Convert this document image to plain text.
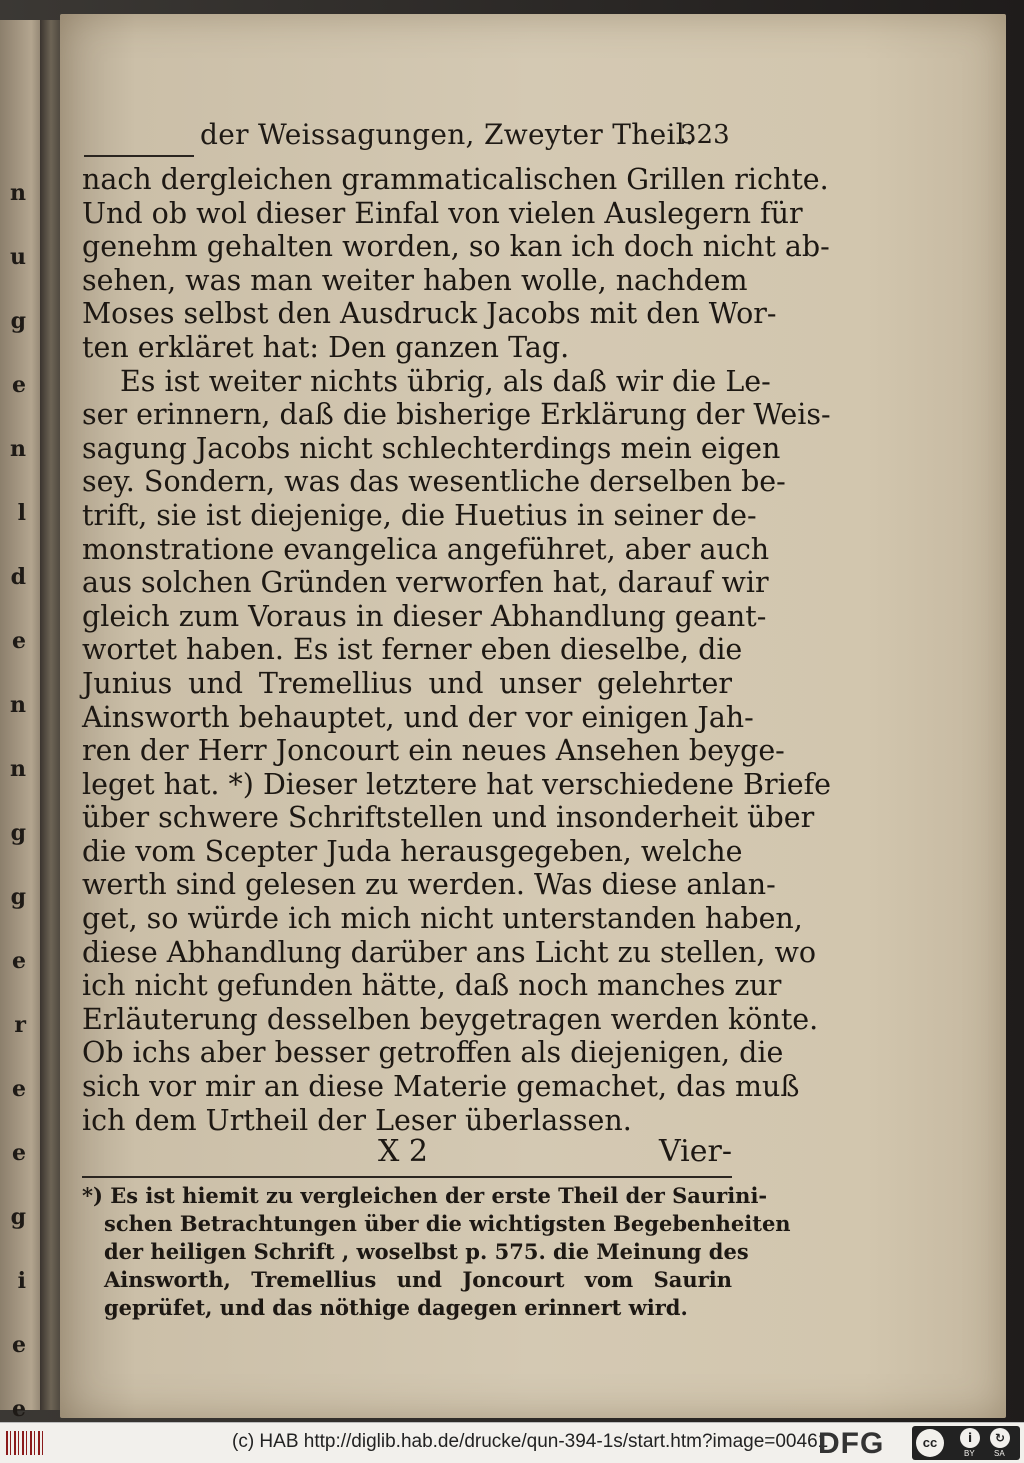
n
u
g
e
n
l
d
e
n
n
g
g
e
r
e
e
g
i
e
e
der Weissagungen, Zweyter Theil.
323
nach dergleichen grammaticalischen Grillen richte.
Und ob wol dieser Einfal von vielen Auslegern für
genehm gehalten worden, so kan ich doch nicht ab-
sehen, was man weiter haben wolle, nachdem
Moses selbst den Ausdruck Jacobs mit den Wor-
ten erkläret hat: Den ganzen Tag.
Es ist weiter nichts übrig, als daß wir die Le-
ser erinnern, daß die bisherige Erklärung der Weis-
sagung Jacobs nicht schlechterdings mein eigen
sey. Sondern, was das wesentliche derselben be-
trift, sie ist diejenige, die Huetius in seiner de-
monstratione evangelica angeführet, aber auch
aus solchen Gründen verworfen hat, darauf wir
gleich zum Voraus in dieser Abhandlung geant-
wortet haben. Es ist ferner eben dieselbe, die
Junius und Tremellius und unser gelehrter
Ainsworth behauptet, und der vor einigen Jah-
ren der Herr Joncourt ein neues Ansehen beyge-
leget hat. *) Dieser letztere hat verschiedene Briefe
über schwere Schriftstellen und insonderheit über
die vom Scepter Juda herausgegeben, welche
werth sind gelesen zu werden. Was diese anlan-
get, so würde ich mich nicht unterstanden haben,
diese Abhandlung darüber ans Licht zu stellen, wo
ich nicht gefunden hätte, daß noch manches zur
Erläuterung desselben beygetragen werden könte.
Ob ichs aber besser getroffen als diejenigen, die
sich vor mir an diese Materie gemachet, das muß
ich dem Urtheil der Leser überlassen.
X 2	Vier-
*) Es ist hiemit zu vergleichen der erste Theil der Saurini-
schen Betrachtungen über die wichtigsten Begebenheiten
der heiligen Schrift , woselbst p. 575. die Meinung des
Ainsworth, Tremellius und Joncourt vom Saurin
geprüfet, und das nöthige dagegen erinnert wird.
(c) HAB http://diglib.hab.de/drucke/qun-394-1s/start.htm?image=00461
DFG	cc	i	↻
BY SA
